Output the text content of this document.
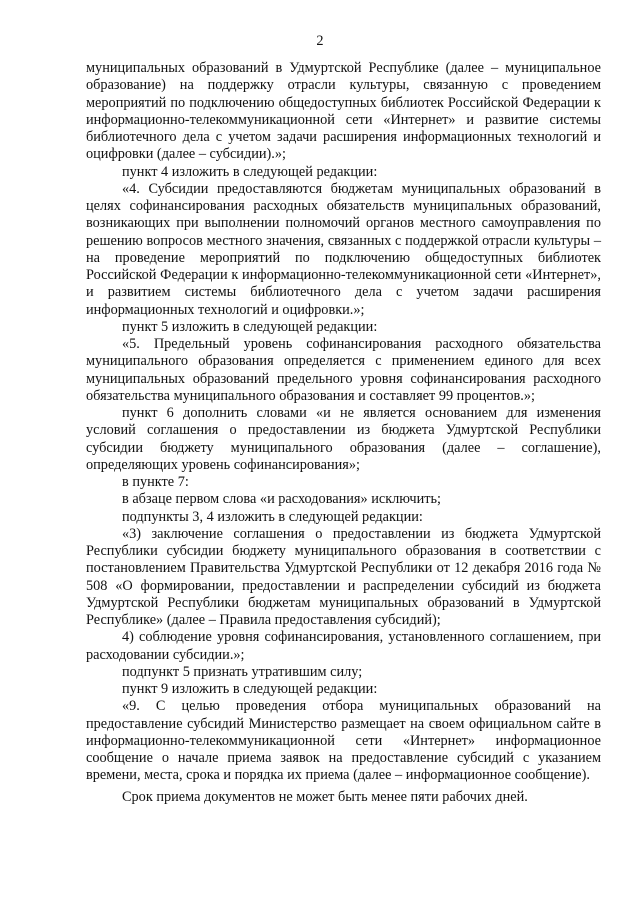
2

муниципальных образований в Удмуртской Республике (далее – муниципальное образование) на поддержку отрасли культуры, связанную с проведением мероприятий по подключению общедоступных библиотек Российской Федерации к информационно-телекоммуникационной сети «Интернет» и развитие системы библиотечного дела с учетом задачи расширения информационных технологий и оцифровки (далее – субсидии).»;

пункт 4 изложить в следующей редакции:

«4. Субсидии предоставляются бюджетам муниципальных образований в целях софинансирования расходных обязательств муниципальных образований, возникающих при выполнении полномочий органов местного самоуправления по решению вопросов местного значения, связанных с поддержкой отрасли культуры – на проведение мероприятий по подключению общедоступных библиотек Российской Федерации к информационно-телекоммуникационной сети «Интернет», и развитием системы библиотечного дела с учетом задачи расширения информационных технологий и оцифровки.»;

пункт 5 изложить в следующей редакции:

«5. Предельный уровень софинансирования расходного обязательства муниципального образования определяется с применением единого для всех муниципальных образований предельного уровня софинансирования расходного обязательства муниципального образования и составляет 99 процентов.»;

пункт 6 дополнить словами «и не является основанием для изменения условий соглашения о предоставлении из бюджета Удмуртской Республики субсидии бюджету муниципального образования (далее – соглашение), определяющих уровень софинансирования»;

в пункте 7:

в абзаце первом слова «и расходования» исключить;

подпункты 3, 4 изложить в следующей редакции:

«3) заключение соглашения о предоставлении из бюджета Удмуртской Республики субсидии бюджету муниципального образования в соответствии с постановлением Правительства Удмуртской Республики от 12 декабря 2016 года № 508 «О формировании, предоставлении и распределении субсидий из бюджета Удмуртской Республики бюджетам муниципальных образований в Удмуртской Республике» (далее – Правила предоставления субсидий);

4) соблюдение уровня софинансирования, установленного соглашением, при расходовании субсидии.»;

подпункт 5 признать утратившим силу;

пункт 9 изложить в следующей редакции:

«9. С целью проведения отбора муниципальных образований на предоставление субсидий Министерство размещает на своем официальном сайте в информационно-телекоммуникационной сети «Интернет» информационное сообщение о начале приема заявок на предоставление субсидий с указанием времени, места, срока и порядка их приема (далее – информационное сообщение).

Срок приема документов не может быть менее пяти рабочих дней.
